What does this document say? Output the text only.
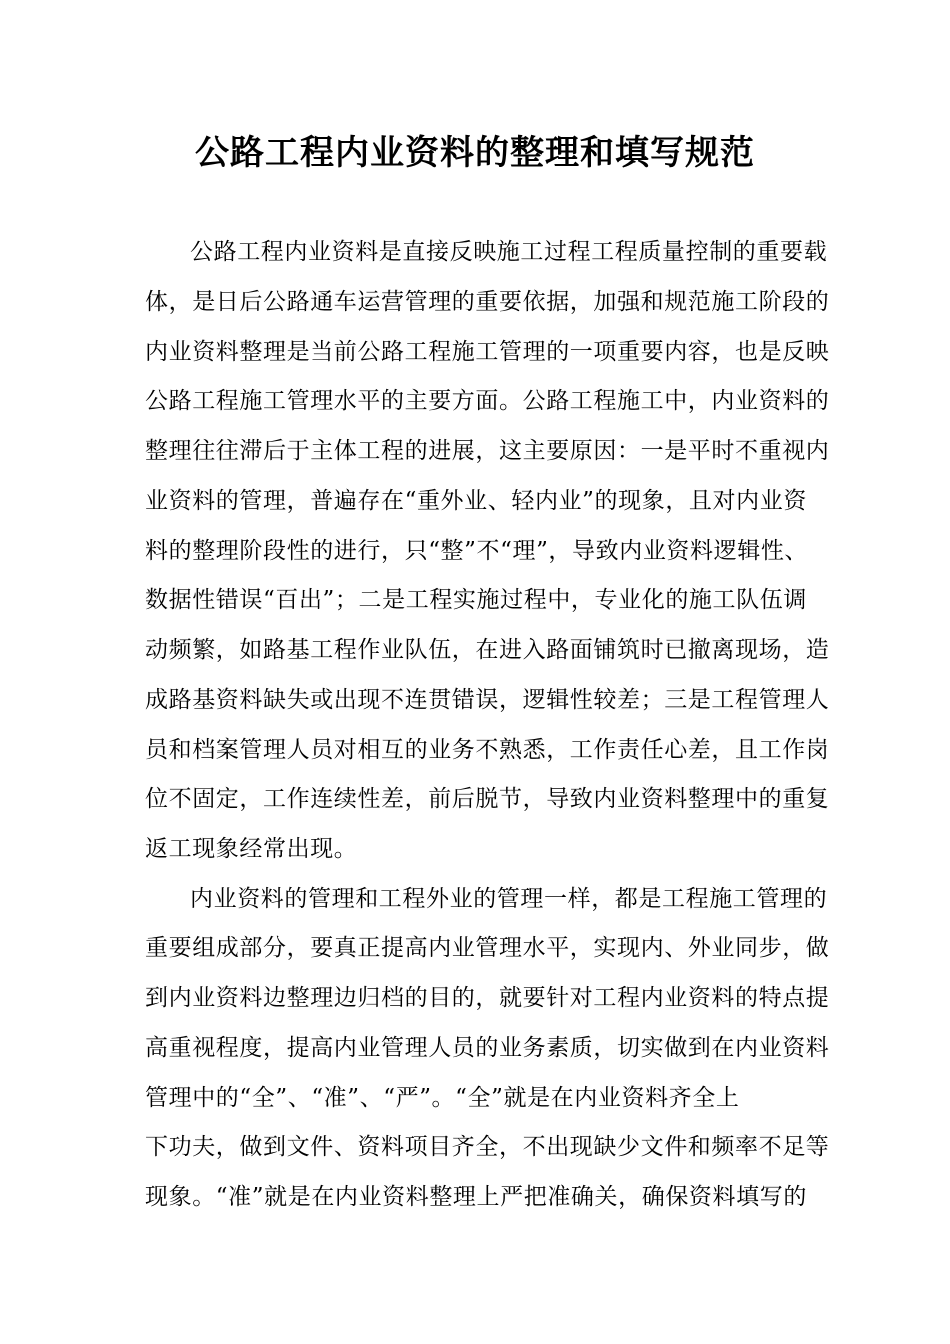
公路工程内业资料的整理和填写规范
公路工程内业资料是直接反映施工过程工程质量控制的重要载
体，是日后公路通车运营管理的重要依据，加强和规范施工阶段的
内业资料整理是当前公路工程施工管理的一项重要内容，也是反映
公路工程施工管理水平的主要方面。公路工程施工中，内业资料的
整理往往滞后于主体工程的进展，这主要原因：一是平时不重视内
业资料的管理，普遍存在“重外业、轻内业”的现象，且对内业资
料的整理阶段性的进行，只“整”不“理”，导致内业资料逻辑性、
数据性错误“百出”；二是工程实施过程中，专业化的施工队伍调
动频繁，如路基工程作业队伍，在进入路面铺筑时已撤离现场，造
成路基资料缺失或出现不连贯错误，逻辑性较差；三是工程管理人
员和档案管理人员对相互的业务不熟悉，工作责任心差，且工作岗
位不固定，工作连续性差，前后脱节，导致内业资料整理中的重复
返工现象经常出现。
内业资料的管理和工程外业的管理一样，都是工程施工管理的
重要组成部分，要真正提高内业管理水平，实现内、外业同步，做
到内业资料边整理边归档的目的，就要针对工程内业资料的特点提
高重视程度，提高内业管理人员的业务素质，切实做到在内业资料
管理中的“全”、“准”、“严”。“全”就是在内业资料齐全上
下功夫，做到文件、资料项目齐全，不出现缺少文件和频率不足等
现象。“准”就是在内业资料整理上严把准确关，确保资料填写的
